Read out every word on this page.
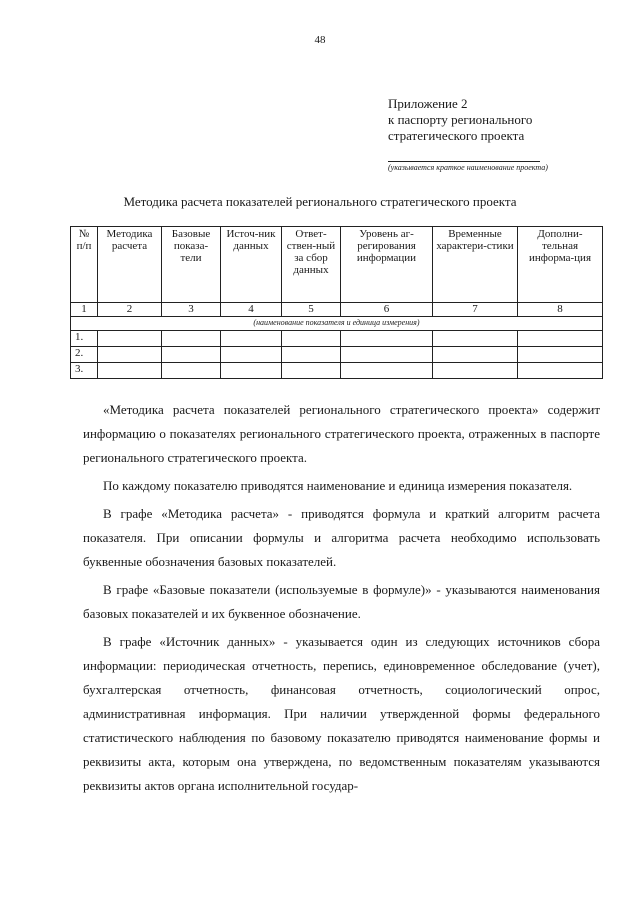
48
Приложение 2
к паспорту регионального
стратегического проекта
(указывается краткое наименование проекта)
Методика расчета показателей регионального стратегического проекта
№ п/п	Методика расчета	Базовые показа-тели	Источ-ник данных	Ответ-ствен-ный за сбор данных	Уровень аг-регирования информации	Временные характери-стики	Дополни-тельная информа-ция
1	2	3	4	5	6	7	8
(наименование показателя и единица измерения)							
1.							
2.							
3.							

«Методика расчета показателей регионального стратегического проекта» содержит информацию о показателях регионального стратегического проекта, отраженных в паспорте регионального стратегического проекта.

По каждому показателю приводятся наименование и единица измерения показателя.

В графе «Методика расчета» - приводятся формула и краткий алгоритм расчета показателя. При описании формулы и алгоритма расчета необходимо использовать буквенные обозначения базовых показателей.

В графе «Базовые показатели (используемые в формуле)» - указываются наименования базовых показателей и их буквенное обозначение.

В графе «Источник данных» - указывается один из следующих источников сбора информации: периодическая отчетность, перепись, единовременное обследование (учет), бухгалтерская отчетность, финансовая отчетность, социологический опрос, административная информация. При наличии утвержденной формы федерального статистического наблюдения по базовому показателю приводятся наименование формы и реквизиты акта, которым она утверждена, по ведомственным показателям указываются реквизиты актов органа исполнительной государ-
